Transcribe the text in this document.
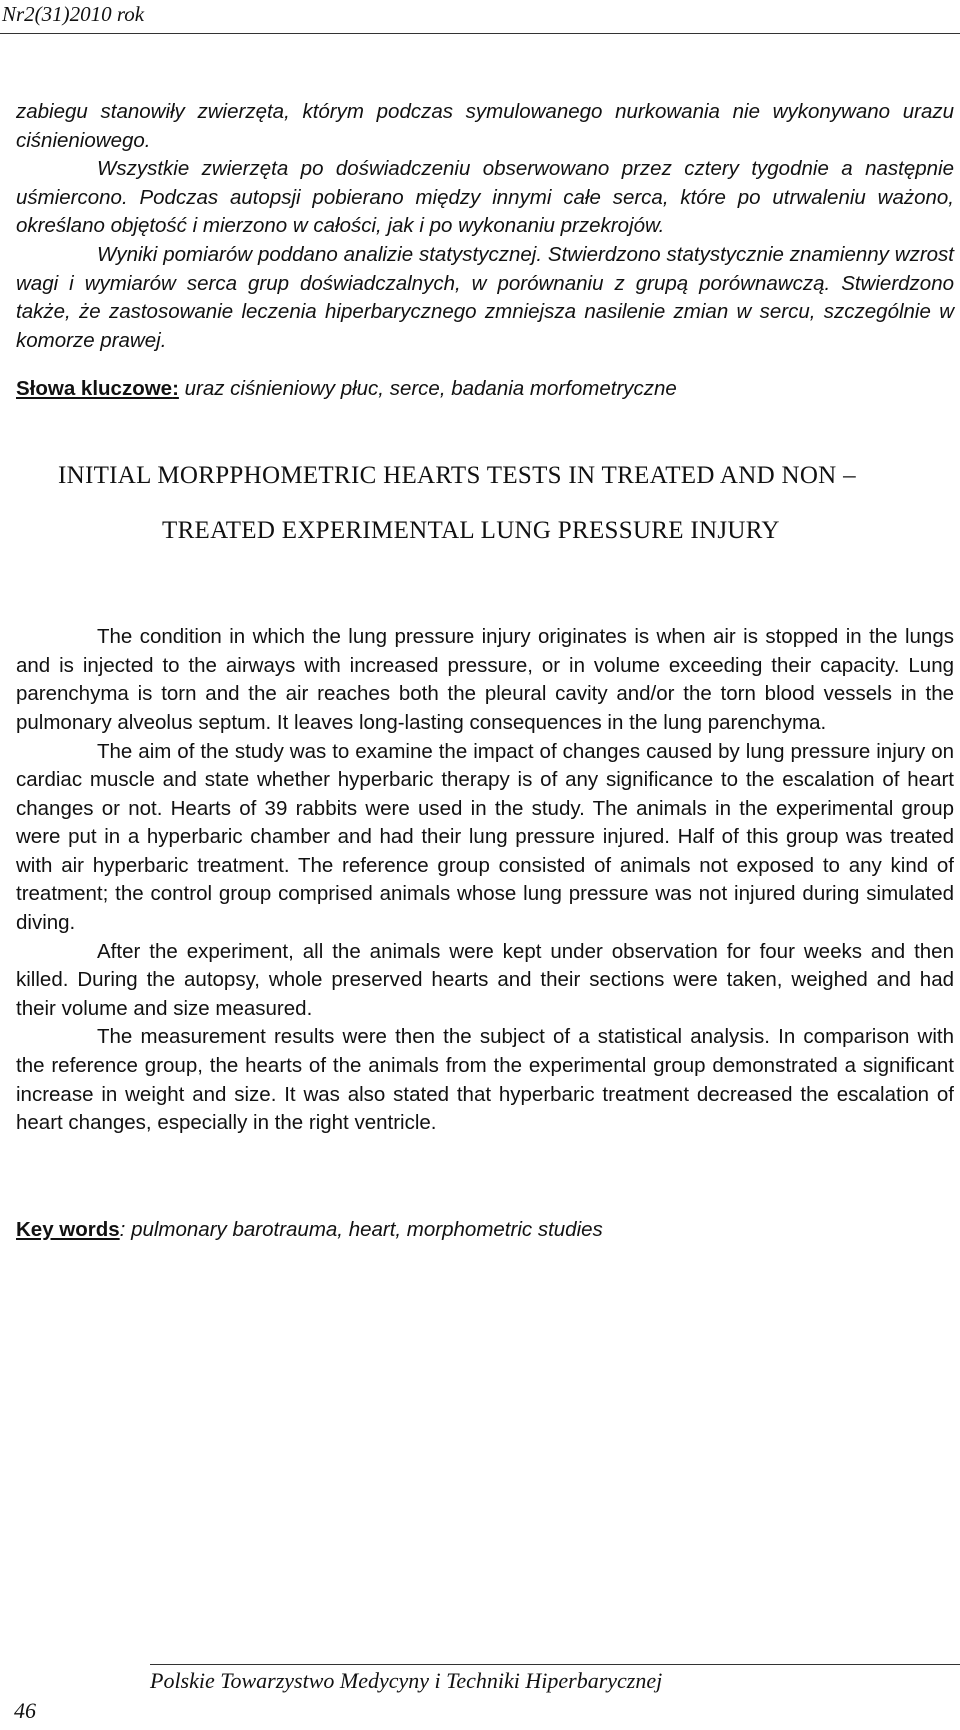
Nr2(31)2010 rok

zabiegu stanowiły zwierzęta, którym podczas symulowanego nurkowania nie wykonywano urazu ciśnieniowego.

Wszystkie zwierzęta po doświadczeniu obserwowano przez cztery tygodnie a następnie uśmiercono. Podczas autopsji pobierano między innymi całe serca, które po utrwaleniu ważono, określano objętość i mierzono w całości, jak i po wykonaniu przekrojów.

Wyniki pomiarów poddano analizie statystycznej. Stwierdzono statystycznie znamienny wzrost wagi i wymiarów serca grup doświadczalnych, w porównaniu z grupą porównawczą. Stwierdzono także, że zastosowanie leczenia hiperbarycznego zmniejsza nasilenie zmian w sercu, szczególnie w komorze prawej.

Słowa kluczowe: uraz ciśnieniowy płuc, serce, badania morfometryczne
INITIAL MORPPHOMETRIC HEARTS TESTS IN TREATED AND NON –
TREATED EXPERIMENTAL LUNG PRESSURE INJURY

The condition in which the lung pressure injury originates is when air is stopped in the lungs and is injected to the airways with increased pressure, or in volume exceeding their capacity. Lung parenchyma is torn and the air reaches both the pleural cavity and/or the torn blood vessels in the pulmonary alveolus septum. It leaves long-lasting consequences in the lung parenchyma.

The aim of the study was to examine the impact of changes caused by lung pressure injury on cardiac muscle and state whether hyperbaric therapy is of any significance to the escalation of heart changes or not. Hearts of 39 rabbits were used in the study. The animals in the experimental group were put in a hyperbaric chamber and had their lung pressure injured. Half of this group was treated with air hyperbaric treatment. The reference group consisted of animals not exposed to any kind of treatment; the control group comprised animals whose lung pressure was not injured during simulated diving.

After the experiment, all the animals were kept under observation for four weeks and then killed. During the autopsy, whole preserved hearts and their sections were taken, weighed and had their volume and size measured.

The measurement results were then the subject of a statistical analysis. In comparison with the reference group, the hearts of the animals from the experimental group demonstrated a significant increase in weight and size. It was also stated that hyperbaric treatment decreased the escalation of heart changes, especially in the right ventricle.

Key words: pulmonary barotrauma, heart, morphometric studies
Polskie Towarzystwo Medycyny i Techniki Hiperbarycznej
46
